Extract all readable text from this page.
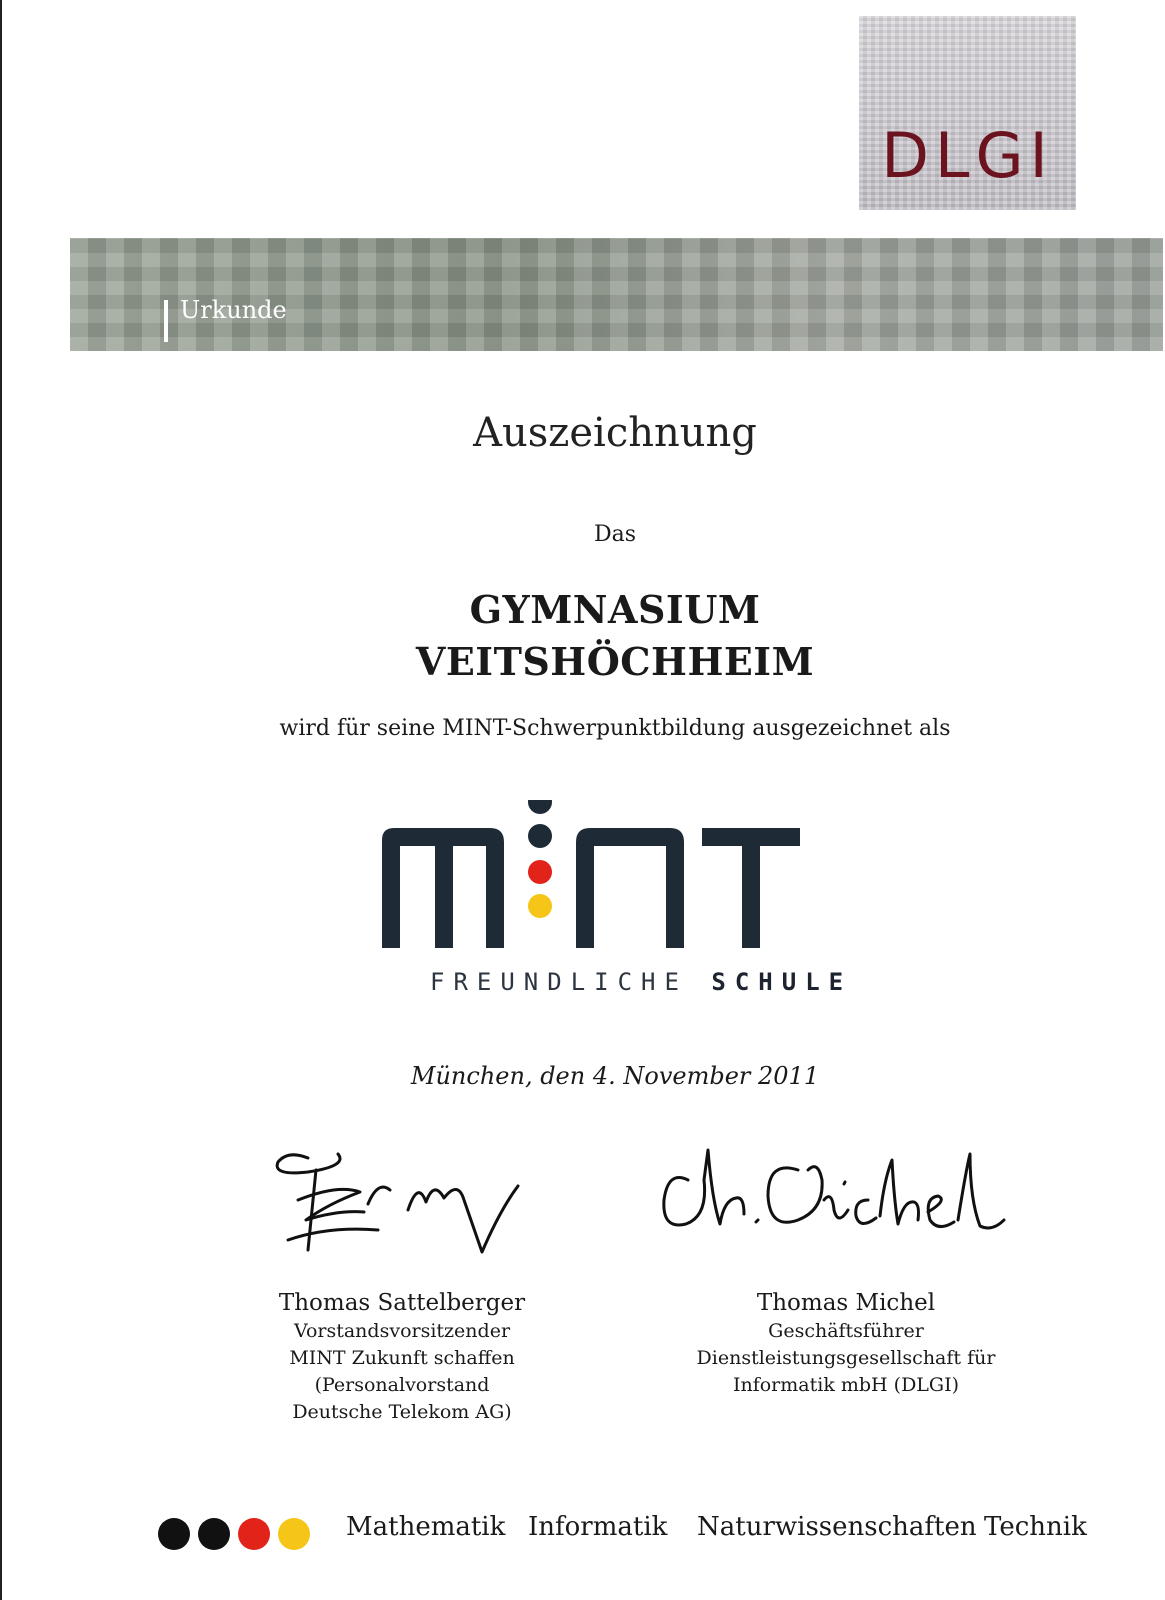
DLGI
Urkunde
Auszeichnung
Das
GYMNASIUM
VEITSHÖCHHEIM
wird für seine MINT-Schwerpunktbildung ausgezeichnet als
FREUNDLICHE SCHULE
München, den 4. November 2011
Thomas Sattelberger
Vorstandsvorsitzender
MINT Zukunft schaffen
(Personalvorstand
Deutsche Telekom AG)
Thomas Michel
Geschäftsführer
Dienstleistungsgesellschaft für
Informatik mbH (DLGI)
Mathematik Informatik Naturwissenschaften Technik
